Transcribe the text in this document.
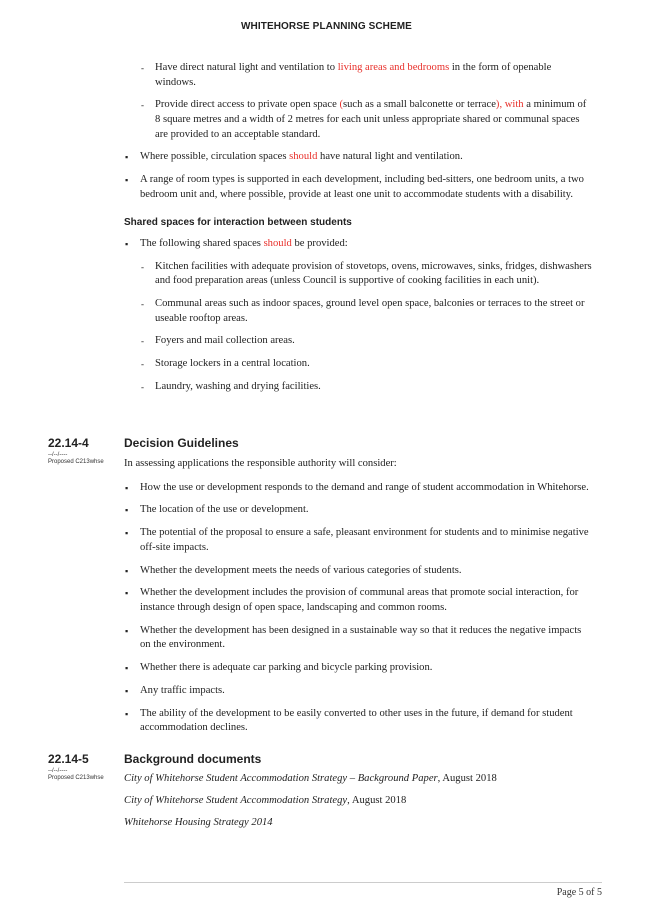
WHITEHORSE PLANNING SCHEME
- Have direct natural light and ventilation to living areas and bedrooms in the form of openable windows.
- Provide direct access to private open space (such as a small balconette or terrace), with a minimum of 8 square metres and a width of 2 metres for each unit unless appropriate shared or communal spaces are provided to an acceptable standard.
▪ Where possible, circulation spaces should have natural light and ventilation.
▪ A range of room types is supported in each development, including bed-sitters, one bedroom units, a two bedroom unit and, where possible, provide at least one unit to accommodate students with a disability.
Shared spaces for interaction between students
▪ The following shared spaces should be provided:
- Kitchen facilities with adequate provision of stovetops, ovens, microwaves, sinks, fridges, dishwashers and food preparation areas (unless Council is supportive of cooking facilities in each unit).
- Communal areas such as indoor spaces, ground level open space, balconies or terraces to the street or useable rooftop areas.
- Foyers and mail collection areas.
- Storage lockers in a central location.
- Laundry, washing and drying facilities.
22.14-4	Decision Guidelines
--/--/----
Proposed C213whse In assessing applications the responsible authority will consider:
▪ How the use or development responds to the demand and range of student accommodation in Whitehorse.
▪ The location of the use or development.
▪ The potential of the proposal to ensure a safe, pleasant environment for students and to minimise negative off-site impacts.
▪ Whether the development meets the needs of various categories of students.
▪ Whether the development includes the provision of communal areas that promote social interaction, for instance through design of open space, landscaping and common rooms.
▪ Whether the development has been designed in a sustainable way so that it reduces the negative impacts on the environment.
▪ Whether there is adequate car parking and bicycle parking provision.
▪ Any traffic impacts.
▪ The ability of the development to be easily converted to other uses in the future, if demand for student accommodation declines.
22.14-5	Background documents
--/--/----
Proposed C213whse City of Whitehorse Student Accommodation Strategy – Background Paper, August 2018
City of Whitehorse Student Accommodation Strategy, August 2018
Whitehorse Housing Strategy 2014
Page 5 of 5
